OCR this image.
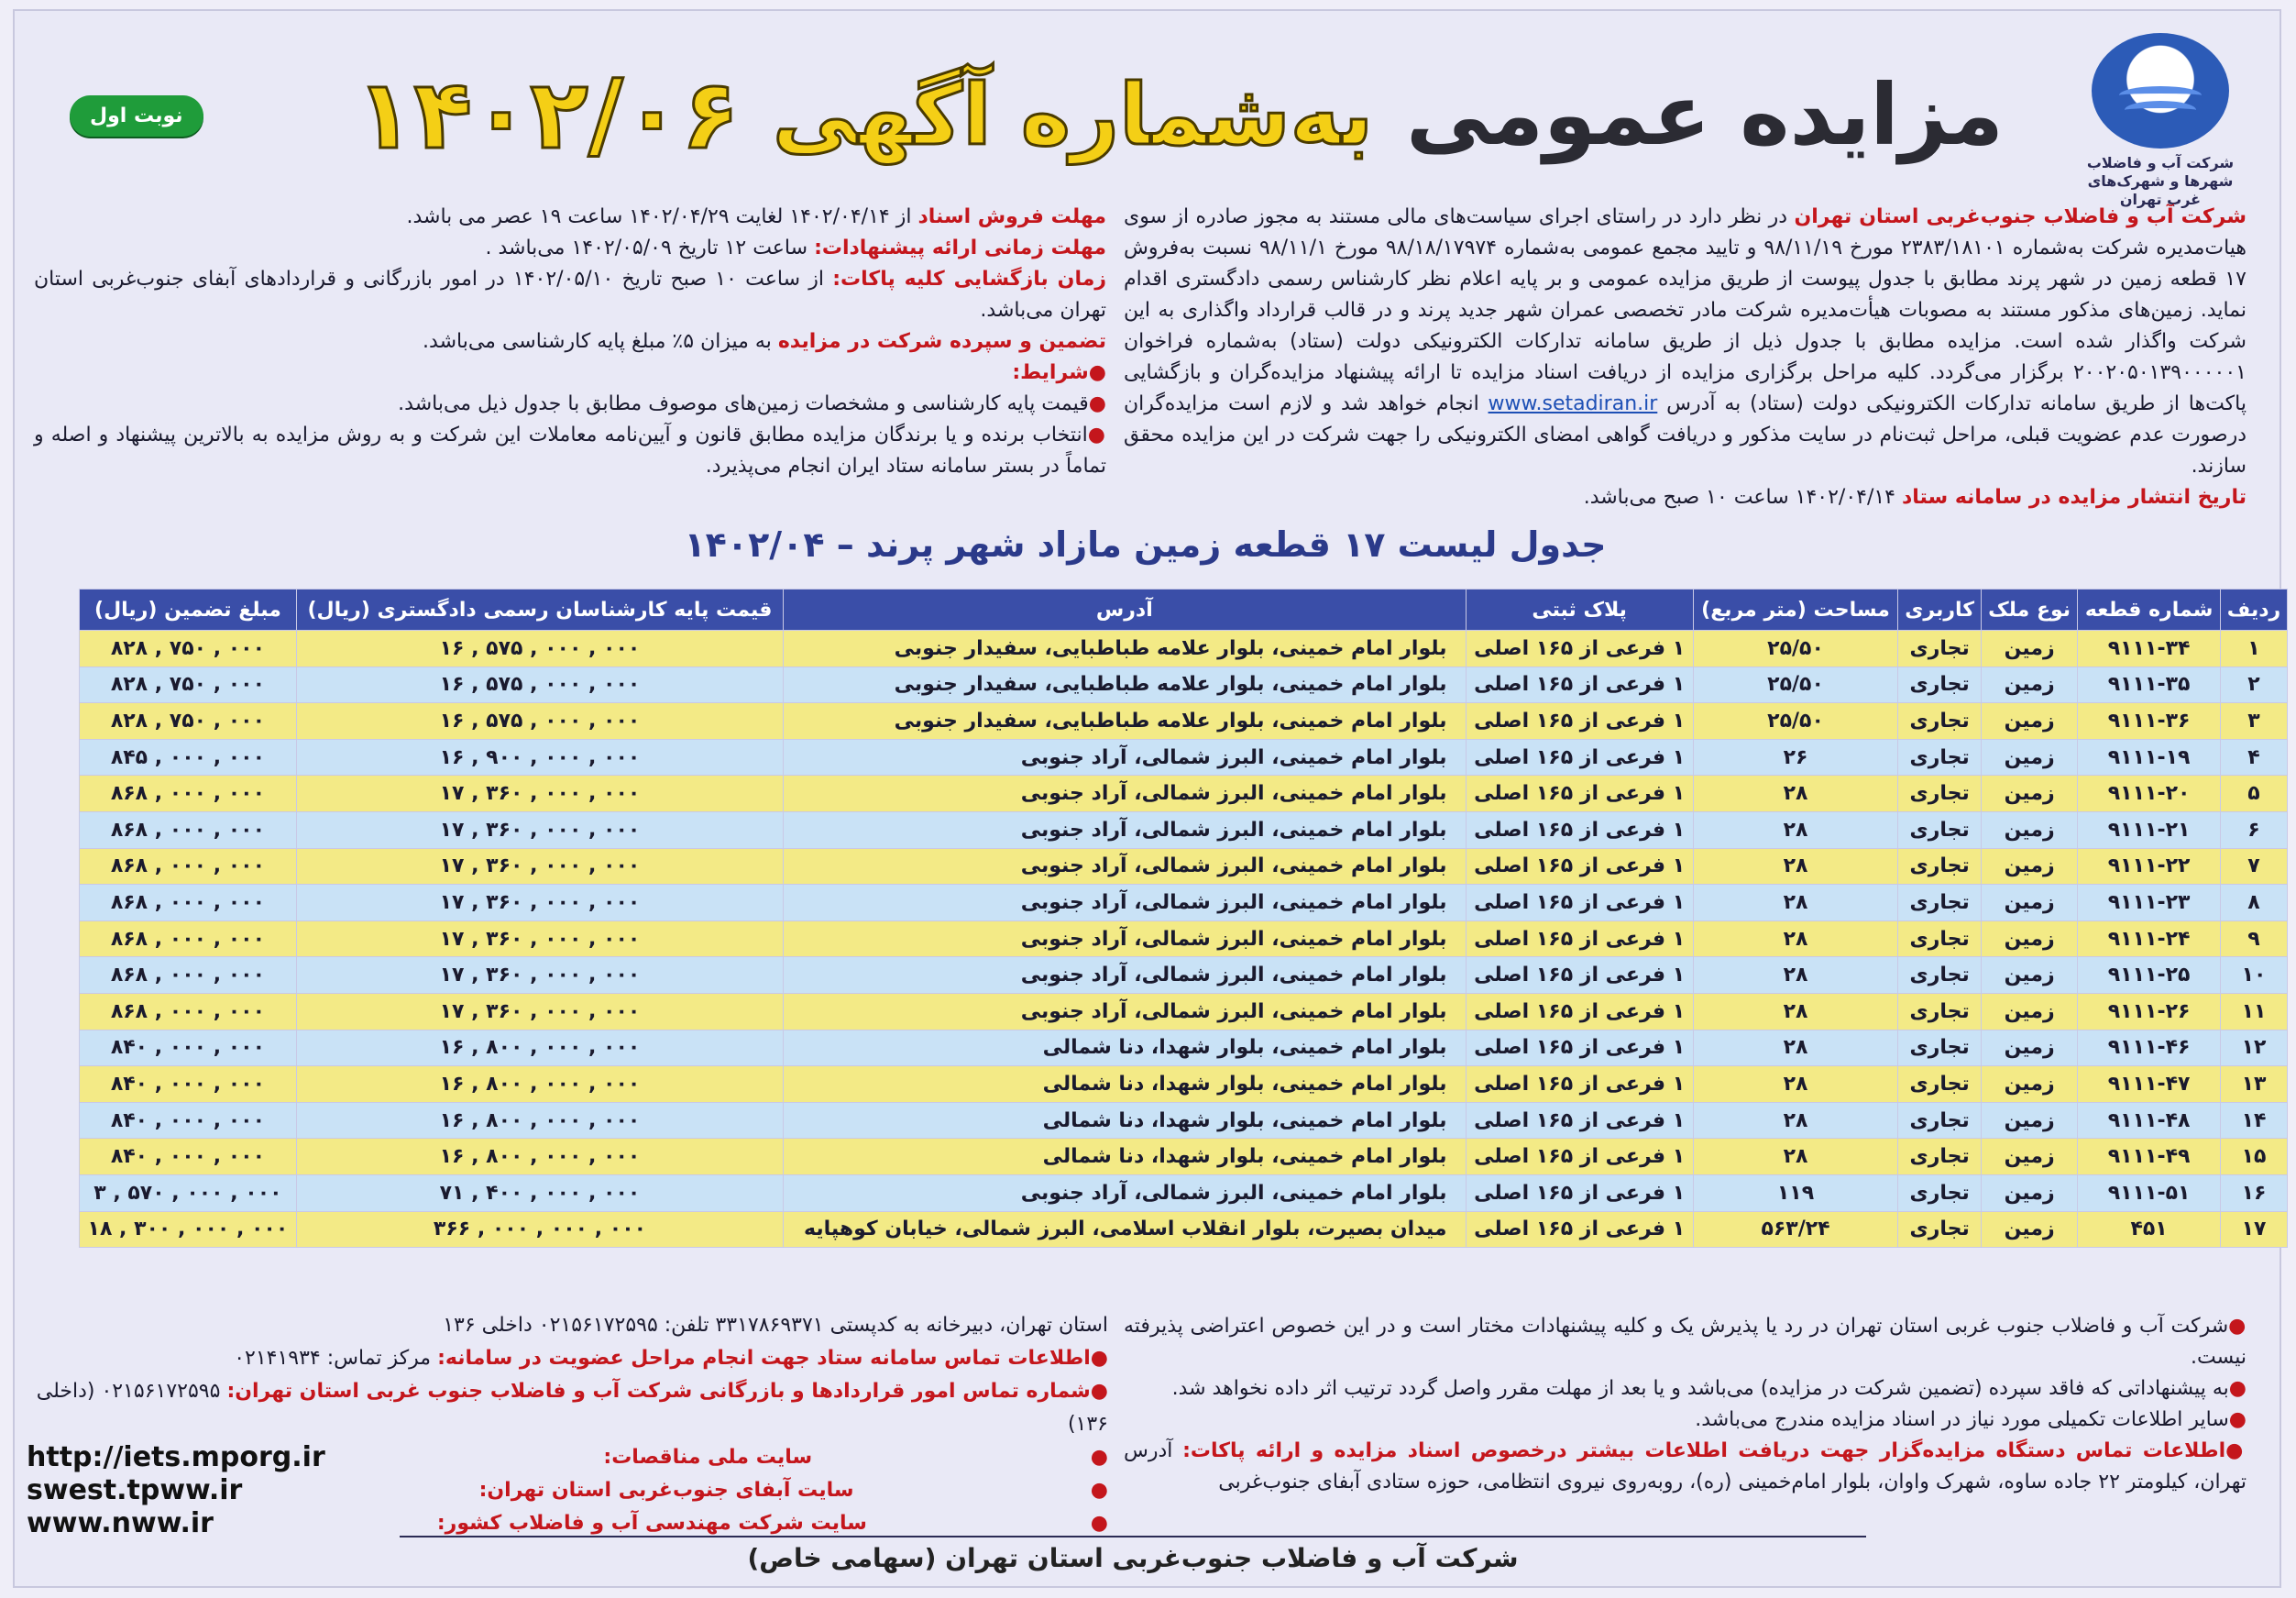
شرکت آب و فاضلاب
شهرها و شهرک‌های غرب تهران
مزایده عمومی
به‌شماره آگهی
۱۴۰۲/۰۶
نوبت اول
شرکت آب و فاضلاب جنوب‌غربی استان تهران در نظر دارد در راستای اجرای سیاست‌های مالی مستند به مجوز صادره از سوی هیات‌مدیره شرکت به‌شماره ۲۳۸۳/۱۸۱۰۱ مورخ ۹۸/۱۱/۱۹ و تایید مجمع عمومی به‌شماره ۹۸/۱۸/۱۷۹۷۴ مورخ ۹۸/۱۱/۱ نسبت به‌فروش ۱۷ قطعه زمین در شهر پرند مطابق با جدول پیوست از طریق مزایده عمومی و بر پایه اعلام نظر کارشناس رسمی دادگستری اقدام نماید. زمین‌های مذکور مستند به مصوبات هیأت‌مدیره شرکت مادر تخصصی عمران شهر جدید پرند و در قالب قرارداد واگذاری به این شرکت واگذار شده است. مزایده مطابق با جدول ذیل از طریق سامانه تدارکات الکترونیکی دولت (ستاد) به‌شماره فراخوان ۲۰۰۲۰۵۰۱۳۹۰۰۰۰۰۱ برگزار می‌گردد. کلیه مراحل برگزاری مزایده از دریافت اسناد مزایده تا ارائه پیشنهاد مزایده‌گران و بازگشایی پاکت‌ها از طریق سامانه تدارکات الکترونیکی دولت (ستاد) به آدرس www.setadiran.ir انجام خواهد شد و لازم است مزایده‌گران در‌صورت عدم عضویت قبلی، مراحل ثبت‌نام در سایت مذکور و دریافت گواهی امضای الکترونیکی را جهت شرکت در این مزایده محقق سازند.
تاریخ انتشار مزایده در سامانه ستاد ۱۴۰۲/۰۴/۱۴ ساعت ۱۰ صبح می‌باشد.
مهلت فروش اسناد از ۱۴۰۲/۰۴/۱۴ لغایت ۱۴۰۲/۰۴/۲۹ ساعت ۱۹ عصر می باشد.
مهلت زمانی ارائه پیشنهادات: ساعت ۱۲ تاریخ ۱۴۰۲/۰۵/۰۹ می‌باشد .
زمان بازگشایی کلیه پاکات: از ساعت ۱۰ صبح تاریخ ۱۴۰۲/۰۵/۱۰ در امور بازرگانی و قراردادهای آبفای جنوب‌غربی استان تهران می‌باشد.
تضمین و سپرده شرکت در مزایده به میزان ۵٪ مبلغ پایه کارشناسی می‌باشد.
● شرایط:
● قیمت پایه کارشناسی و مشخصات زمین‌های موصوف مطابق با جدول ذیل می‌باشد.
● انتخاب برنده و یا برندگان مزایده مطابق قانون و آیین‌نامه معاملات این شرکت و به روش مزایده به بالاترین پیشنهاد و اصله و تماماً در بستر سامانه ستاد ایران انجام می‌پذیرد.
جدول لیست ۱۷ قطعه زمین مازاد شهر پرند – ۱۴۰۲/۰۴
ردیف	شماره قطعه	نوع ملک	کاربری	مساحت (متر مربع)	پلاک ثبتی	آدرس	قیمت پایه کارشناسان رسمی دادگستری (ریال)	مبلغ تضمین (ریال)
۱	۹۱۱۱-۳۴	زمین	تجاری	۲۵/۵۰	۱ فرعی از ۱۶۵ اصلی	بلوار امام خمینی، بلوار علامه طباطبایی، سفیدار جنوبی	۱۶ , ۵۷۵ , ۰۰۰ , ۰۰۰	۸۲۸ , ۷۵۰ , ۰۰۰
۲	۹۱۱۱-۳۵	زمین	تجاری	۲۵/۵۰	۱ فرعی از ۱۶۵ اصلی	بلوار امام خمینی، بلوار علامه طباطبایی، سفیدار جنوبی	۱۶ , ۵۷۵ , ۰۰۰ , ۰۰۰	۸۲۸ , ۷۵۰ , ۰۰۰
۳	۹۱۱۱-۳۶	زمین	تجاری	۲۵/۵۰	۱ فرعی از ۱۶۵ اصلی	بلوار امام خمینی، بلوار علامه طباطبایی، سفیدار جنوبی	۱۶ , ۵۷۵ , ۰۰۰ , ۰۰۰	۸۲۸ , ۷۵۰ , ۰۰۰
۴	۹۱۱۱-۱۹	زمین	تجاری	۲۶	۱ فرعی از ۱۶۵ اصلی	بلوار امام خمینی، البرز شمالی، آراد جنوبی	۱۶ , ۹۰۰ , ۰۰۰ , ۰۰۰	۸۴۵ , ۰۰۰ , ۰۰۰
۵	۹۱۱۱-۲۰	زمین	تجاری	۲۸	۱ فرعی از ۱۶۵ اصلی	بلوار امام خمینی، البرز شمالی، آراد جنوبی	۱۷ , ۳۶۰ , ۰۰۰ , ۰۰۰	۸۶۸ , ۰۰۰ , ۰۰۰
۶	۹۱۱۱-۲۱	زمین	تجاری	۲۸	۱ فرعی از ۱۶۵ اصلی	بلوار امام خمینی، البرز شمالی، آراد جنوبی	۱۷ , ۳۶۰ , ۰۰۰ , ۰۰۰	۸۶۸ , ۰۰۰ , ۰۰۰
۷	۹۱۱۱-۲۲	زمین	تجاری	۲۸	۱ فرعی از ۱۶۵ اصلی	بلوار امام خمینی، البرز شمالی، آراد جنوبی	۱۷ , ۳۶۰ , ۰۰۰ , ۰۰۰	۸۶۸ , ۰۰۰ , ۰۰۰
۸	۹۱۱۱-۲۳	زمین	تجاری	۲۸	۱ فرعی از ۱۶۵ اصلی	بلوار امام خمینی، البرز شمالی، آراد جنوبی	۱۷ , ۳۶۰ , ۰۰۰ , ۰۰۰	۸۶۸ , ۰۰۰ , ۰۰۰
۹	۹۱۱۱-۲۴	زمین	تجاری	۲۸	۱ فرعی از ۱۶۵ اصلی	بلوار امام خمینی، البرز شمالی، آراد جنوبی	۱۷ , ۳۶۰ , ۰۰۰ , ۰۰۰	۸۶۸ , ۰۰۰ , ۰۰۰
۱۰	۹۱۱۱-۲۵	زمین	تجاری	۲۸	۱ فرعی از ۱۶۵ اصلی	بلوار امام خمینی، البرز شمالی، آراد جنوبی	۱۷ , ۳۶۰ , ۰۰۰ , ۰۰۰	۸۶۸ , ۰۰۰ , ۰۰۰
۱۱	۹۱۱۱-۲۶	زمین	تجاری	۲۸	۱ فرعی از ۱۶۵ اصلی	بلوار امام خمینی، البرز شمالی، آراد جنوبی	۱۷ , ۳۶۰ , ۰۰۰ , ۰۰۰	۸۶۸ , ۰۰۰ , ۰۰۰
۱۲	۹۱۱۱-۴۶	زمین	تجاری	۲۸	۱ فرعی از ۱۶۵ اصلی	بلوار امام خمینی، بلوار شهدا، دنا شمالی	۱۶ , ۸۰۰ , ۰۰۰ , ۰۰۰	۸۴۰ , ۰۰۰ , ۰۰۰
۱۳	۹۱۱۱-۴۷	زمین	تجاری	۲۸	۱ فرعی از ۱۶۵ اصلی	بلوار امام خمینی، بلوار شهدا، دنا شمالی	۱۶ , ۸۰۰ , ۰۰۰ , ۰۰۰	۸۴۰ , ۰۰۰ , ۰۰۰
۱۴	۹۱۱۱-۴۸	زمین	تجاری	۲۸	۱ فرعی از ۱۶۵ اصلی	بلوار امام خمینی، بلوار شهدا، دنا شمالی	۱۶ , ۸۰۰ , ۰۰۰ , ۰۰۰	۸۴۰ , ۰۰۰ , ۰۰۰
۱۵	۹۱۱۱-۴۹	زمین	تجاری	۲۸	۱ فرعی از ۱۶۵ اصلی	بلوار امام خمینی، بلوار شهدا، دنا شمالی	۱۶ , ۸۰۰ , ۰۰۰ , ۰۰۰	۸۴۰ , ۰۰۰ , ۰۰۰
۱۶	۹۱۱۱-۵۱	زمین	تجاری	۱۱۹	۱ فرعی از ۱۶۵ اصلی	بلوار امام خمینی، البرز شمالی، آراد جنوبی	۷۱ , ۴۰۰ , ۰۰۰ , ۰۰۰	۳ , ۵۷۰ , ۰۰۰ , ۰۰۰
۱۷	۴۵۱	زمین	تجاری	۵۶۳/۲۴	۱ فرعی از ۱۶۵ اصلی	میدان بصیرت، بلوار انقلاب اسلامی، البرز شمالی، خیابان کوهپایه	۳۶۶ , ۰۰۰ , ۰۰۰ , ۰۰۰	۱۸ , ۳۰۰ , ۰۰۰ , ۰۰۰
● شرکت آب و فاضلاب جنوب غربی استان تهران در رد یا پذیرش یک و کلیه پیشنهادات مختار است و در این خصوص اعتراضی پذیرفته نیست.
● به پیشنهاداتی که فاقد سپرده (تضمین شرکت در مزایده) می‌باشد و یا بعد از مهلت مقرر واصل گردد ترتیب اثر داده نخواهد شد.
● سایر اطلاعات تکمیلی مورد نیاز در اسناد مزایده مندرج می‌باشد.
● اطلاعات تماس دستگاه مزایده‌گزار جهت دریافت اطلاعات بیشتر درخصوص اسناد مزایده و ارائه پاکات: آدرس تهران، کیلومتر ۲۲ جاده ساوه، شهرک واوان، بلوار امام‌خمینی (ره)، روبه‌روی نیروی انتظامی، حوزه ستادی آبفای جنوب‌غربی
استان تهران، دبیرخانه به کدپستی ۳۳۱۷۸۶۹۳۷۱ تلفن: ۰۲۱۵۶۱۷۲۵۹۵ داخلی ۱۳۶
● اطلاعات تماس سامانه ستاد جهت انجام مراحل عضویت در سامانه: مرکز تماس: ۰۲۱۴۱۹۳۴
● شماره تماس امور قراردادها و بازرگانی شرکت آب و فاضلاب جنوب غربی استان تهران: ۰۲۱۵۶۱۷۲۵۹۵ (داخلی ۱۳۶)
● سایت ملی مناقصات:
http://iets.mporg.ir
● سایت آبفای جنوب‌غربی استان تهران:
swest.tpww.ir
● سایت شرکت مهندسی آب و فاضلاب کشور:
www.nww.ir
شرکت آب و فاضلاب جنوب‌غربی استان تهران (سهامی خاص)
